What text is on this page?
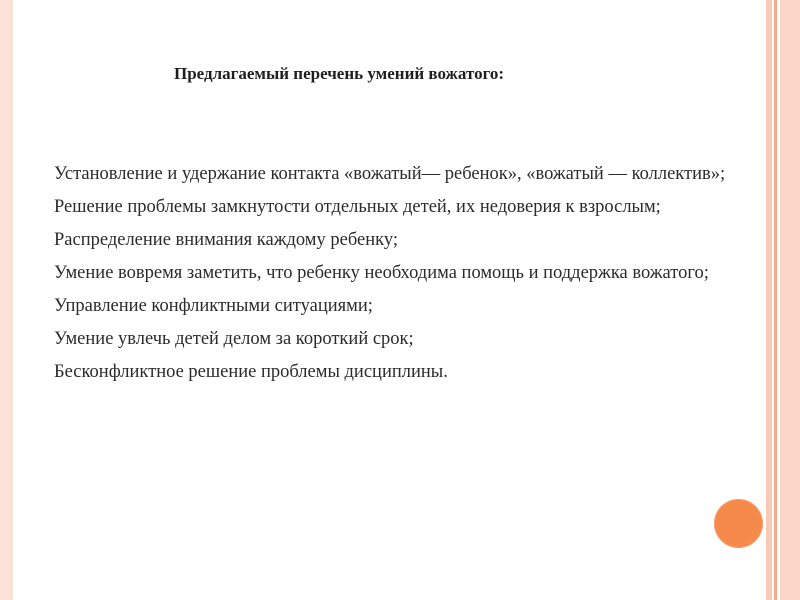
Предлагаемый перечень умений вожатого:
Установление и удержание контакта «вожатый— ребенок», «вожатый — коллектив»;
Решение проблемы замкнутости отдельных детей, их недоверия к взрослым;
Распределение внимания каждому ребенку;
Умение вовремя заметить, что ребенку необходима помощь и поддержка вожатого;
Управление конфликтными ситуациями;
Умение увлечь детей делом за короткий срок;
Бесконфликтное решение проблемы дисциплины.
